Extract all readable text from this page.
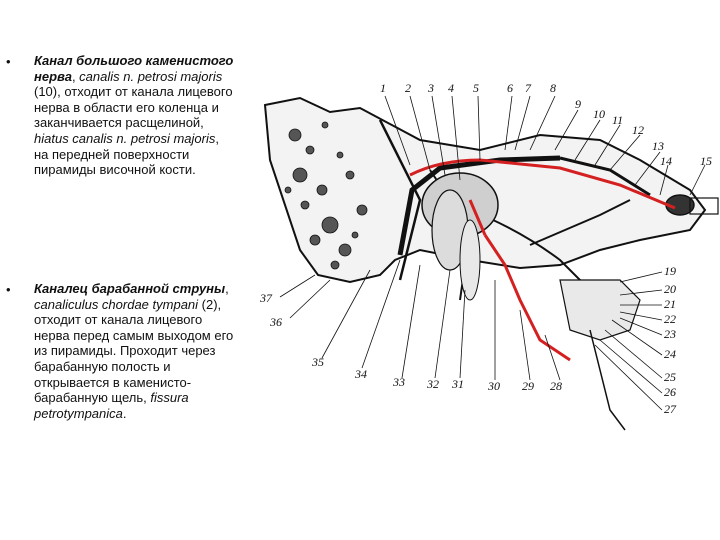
• Канал большого каменистого нерва, canalis n. petrosi majoris (10), отходит от канала лицевого нерва в области его коленца и заканчивается расщелиной, hiatus canalis n. petrosi majoris, на передней поверхности пирамиды височной кости.
• Каналец барабанной струны, canaliculus chordae tympani (2), отходит от канала лицевого нерва перед самым выходом его из пирамиды. Проходит через барабанную полость и открывается в каменисто-барабанную щель, fissura petrotympanica.
1 2 3 4 5 6 7 8
9
10 11
12
13
14 15
19
20
21
22
23
24
25
26
27
28
29
30
31
32
33
34
35
36
37
